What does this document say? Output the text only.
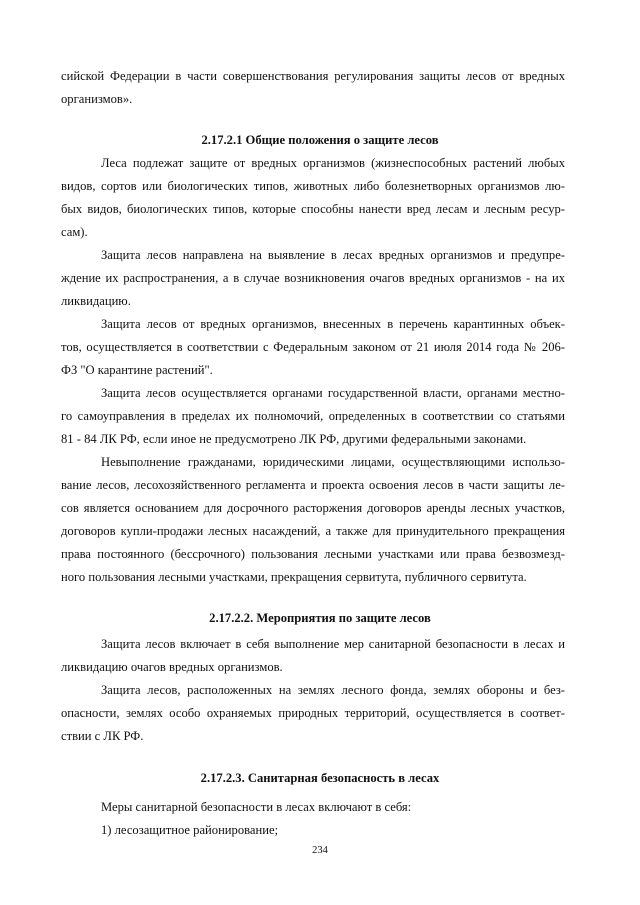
сийской Федерации в части совершенствования регулирования защиты лесов от вредных
организмов».
2.17.2.1 Общие положения о защите лесов
Леса подлежат защите от вредных организмов (жизнеспособных растений любых
видов, сортов или биологических типов, животных либо болезнетворных организмов лю-
бых видов, биологических типов, которые способны нанести вред лесам и лесным ресур-
сам).
Защита лесов направлена на выявление в лесах вредных организмов и предупре-
ждение их распространения, а в случае возникновения очагов вредных организмов - на их
ликвидацию.
Защита лесов от вредных организмов, внесенных в перечень карантинных объек-
тов, осуществляется в соответствии с Федеральным законом от 21 июля 2014 года № 206-
ФЗ "О карантине растений".
Защита лесов осуществляется органами государственной власти, органами местно-
го самоуправления в пределах их полномочий, определенных в соответствии со статьями
81 - 84 ЛК РФ, если иное не предусмотрено ЛК РФ, другими федеральными законами.
Невыполнение гражданами, юридическими лицами, осуществляющими использо-
вание лесов, лесохозяйственного регламента и проекта освоения лесов в части защиты ле-
сов является основанием для досрочного расторжения договоров аренды лесных участков,
договоров купли-продажи лесных насаждений, а также для принудительного прекращения
права постоянного (бессрочного) пользования лесными участками или права безвозмезд-
ного пользования лесными участками, прекращения сервитута, публичного сервитута.
2.17.2.2. Мероприятия по защите лесов
Защита лесов включает в себя выполнение мер санитарной безопасности в лесах и
ликвидацию очагов вредных организмов.
Защита лесов, расположенных на землях лесного фонда, землях обороны и без-
опасности, землях особо охраняемых природных территорий, осуществляется в соответ-
ствии с ЛК РФ.
2.17.2.3. Санитарная безопасность в лесах
Меры санитарной безопасности в лесах включают в себя:
1) лесозащитное районирование;
234
